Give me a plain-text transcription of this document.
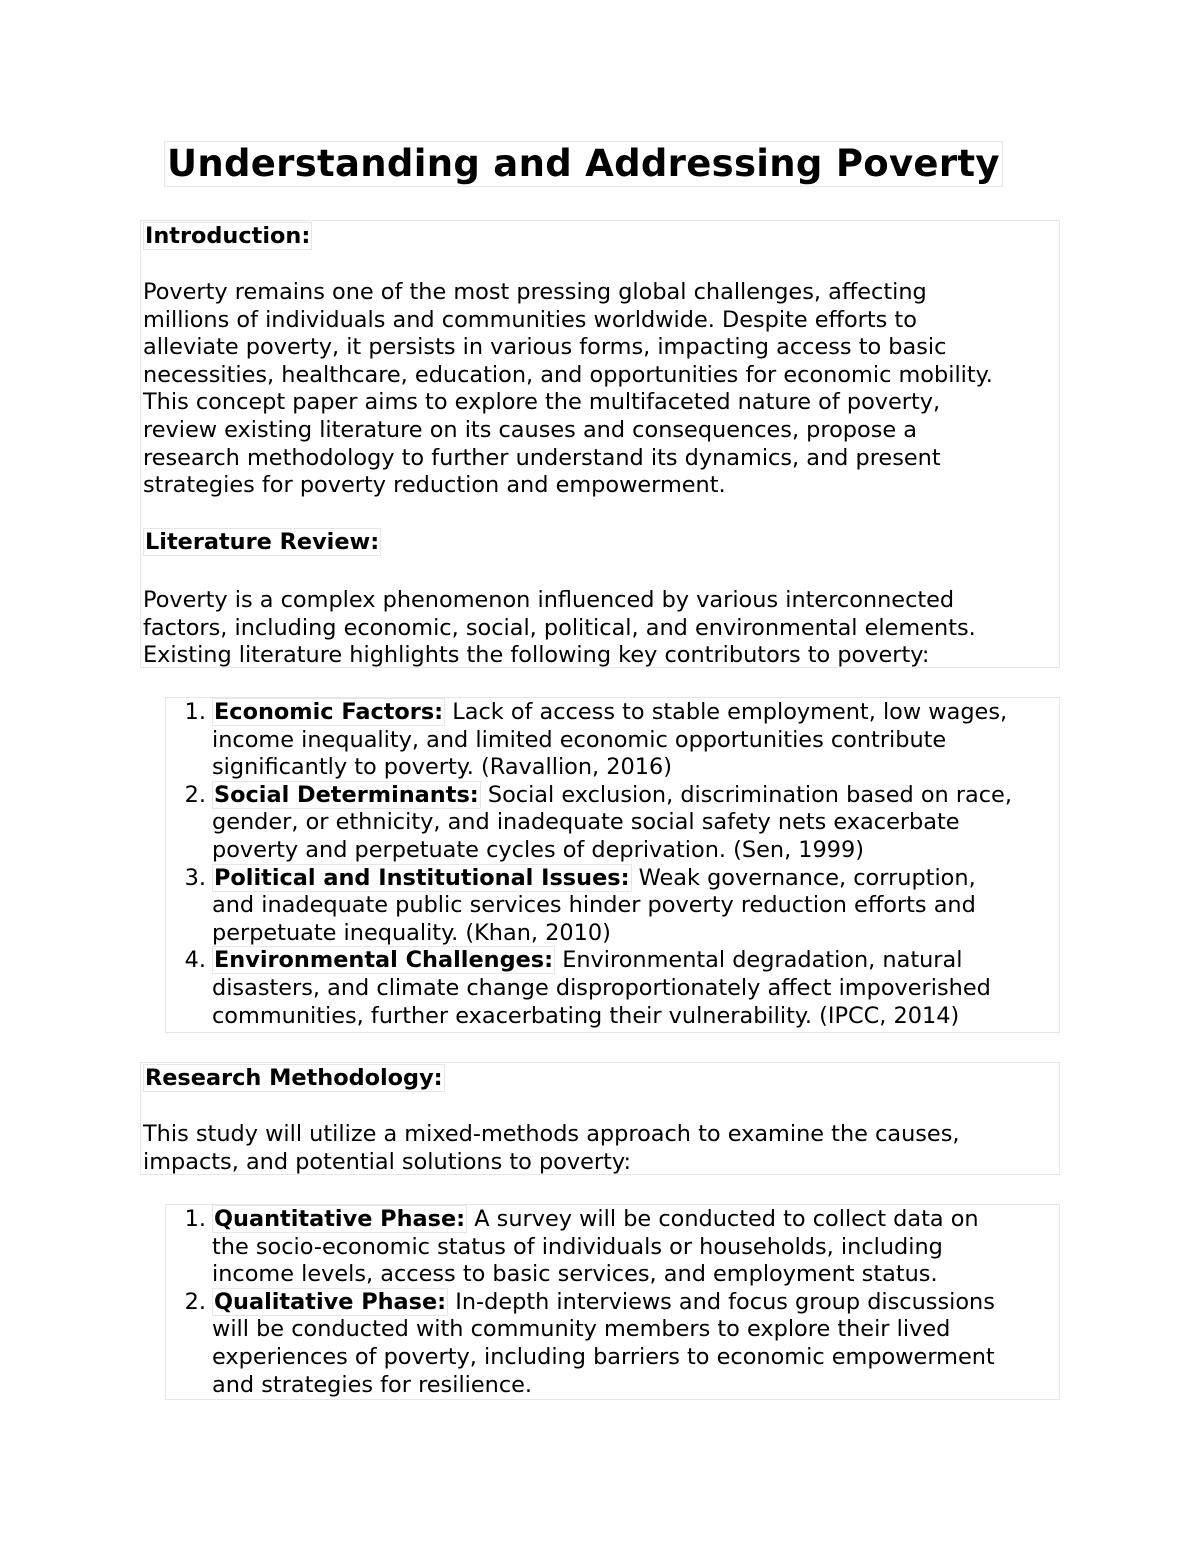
Understanding and Addressing Poverty
Introduction:
Poverty remains one of the most pressing global challenges, affecting
millions of individuals and communities worldwide. Despite efforts to
alleviate poverty, it persists in various forms, impacting access to basic
necessities, healthcare, education, and opportunities for economic mobility.
This concept paper aims to explore the multifaceted nature of poverty,
review existing literature on its causes and consequences, propose a
research methodology to further understand its dynamics, and present
strategies for poverty reduction and empowerment.
Literature Review:
Poverty is a complex phenomenon influenced by various interconnected
factors, including economic, social, political, and environmental elements.
Existing literature highlights the following key contributors to poverty:
1. Economic Factors: Lack of access to stable employment, low wages,
income inequality, and limited economic opportunities contribute
significantly to poverty. (Ravallion, 2016)
2. Social Determinants: Social exclusion, discrimination based on race,
gender, or ethnicity, and inadequate social safety nets exacerbate
poverty and perpetuate cycles of deprivation. (Sen, 1999)
3. Political and Institutional Issues: Weak governance, corruption,
and inadequate public services hinder poverty reduction efforts and
perpetuate inequality. (Khan, 2010)
4. Environmental Challenges: Environmental degradation, natural
disasters, and climate change disproportionately affect impoverished
communities, further exacerbating their vulnerability. (IPCC, 2014)
Research Methodology:
This study will utilize a mixed-methods approach to examine the causes,
impacts, and potential solutions to poverty:
1. Quantitative Phase: A survey will be conducted to collect data on
the socio-economic status of individuals or households, including
income levels, access to basic services, and employment status.
2. Qualitative Phase: In-depth interviews and focus group discussions
will be conducted with community members to explore their lived
experiences of poverty, including barriers to economic empowerment
and strategies for resilience.
